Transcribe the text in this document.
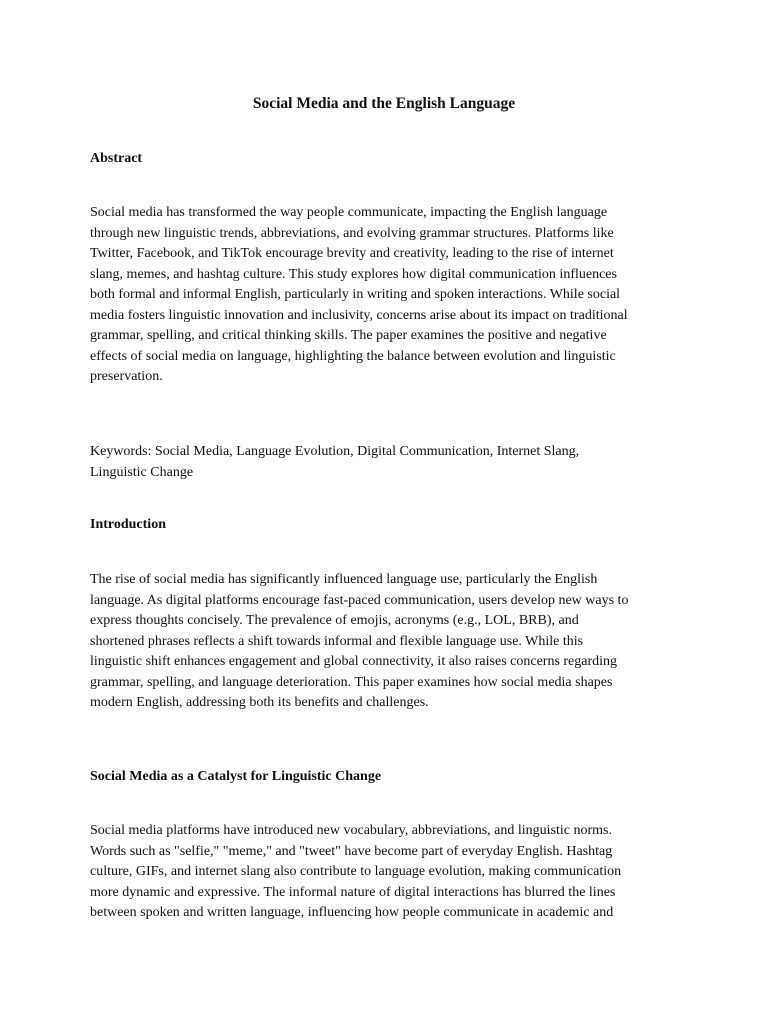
Social Media and the English Language
Abstract

Social media has transformed the way people communicate, impacting the English language
through new linguistic trends, abbreviations, and evolving grammar structures. Platforms like
Twitter, Facebook, and TikTok encourage brevity and creativity, leading to the rise of internet
slang, memes, and hashtag culture. This study explores how digital communication influences
both formal and informal English, particularly in writing and spoken interactions. While social
media fosters linguistic innovation and inclusivity, concerns arise about its impact on traditional
grammar, spelling, and critical thinking skills. The paper examines the positive and negative
effects of social media on language, highlighting the balance between evolution and linguistic
preservation.

Keywords: Social Media, Language Evolution, Digital Communication, Internet Slang,
Linguistic Change

Introduction

The rise of social media has significantly influenced language use, particularly the English
language. As digital platforms encourage fast-paced communication, users develop new ways to
express thoughts concisely. The prevalence of emojis, acronyms (e.g., LOL, BRB), and
shortened phrases reflects a shift towards informal and flexible language use. While this
linguistic shift enhances engagement and global connectivity, it also raises concerns regarding
grammar, spelling, and language deterioration. This paper examines how social media shapes
modern English, addressing both its benefits and challenges.

Social Media as a Catalyst for Linguistic Change

Social media platforms have introduced new vocabulary, abbreviations, and linguistic norms.
Words such as "selfie," "meme," and "tweet" have become part of everyday English. Hashtag
culture, GIFs, and internet slang also contribute to language evolution, making communication
more dynamic and expressive. The informal nature of digital interactions has blurred the lines
between spoken and written language, influencing how people communicate in academic and
